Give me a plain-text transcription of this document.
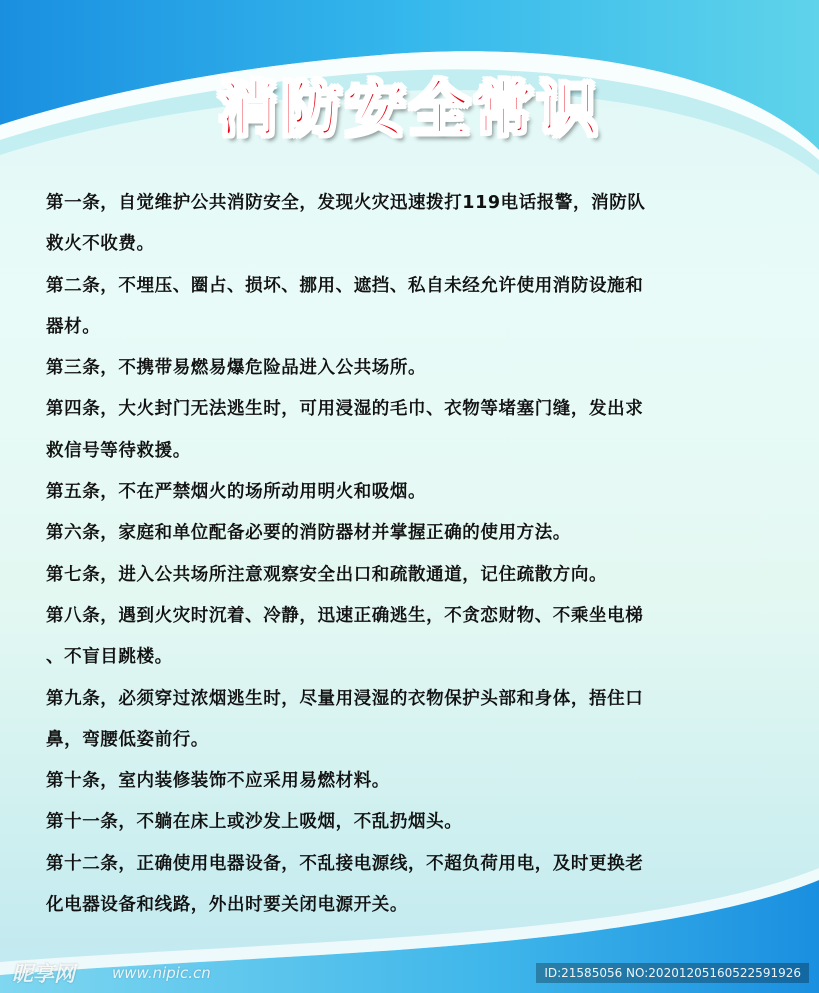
消防安全常识
第一条，自觉维护公共消防安全，发现火灾迅速拨打119电话报警，消防队
救火不收费。
第二条，不埋压、圈占、损坏、挪用、遮挡、私自未经允许使用消防设施和
器材。
第三条，不携带易燃易爆危险品进入公共场所。
第四条，大火封门无法逃生时，可用浸湿的毛巾、衣物等堵塞门缝，发出求
救信号等待救援。
第五条，不在严禁烟火的场所动用明火和吸烟。
第六条，家庭和单位配备必要的消防器材并掌握正确的使用方法。
第七条，进入公共场所注意观察安全出口和疏散通道，记住疏散方向。
第八条，遇到火灾时沉着、冷静，迅速正确逃生，不贪恋财物、不乘坐电梯
、不盲目跳楼。
第九条，必须穿过浓烟逃生时，尽量用浸湿的衣物保护头部和身体，捂住口
鼻，弯腰低姿前行。
第十条，室内装修装饰不应采用易燃材料。
第十一条，不躺在床上或沙发上吸烟，不乱扔烟头。
第十二条，正确使用电器设备，不乱接电源线，不超负荷用电，及时更换老
化电器设备和线路，外出时要关闭电源开关。
昵享网 www.nipic.cn	ID:21585056 NO:20201205160522591926
